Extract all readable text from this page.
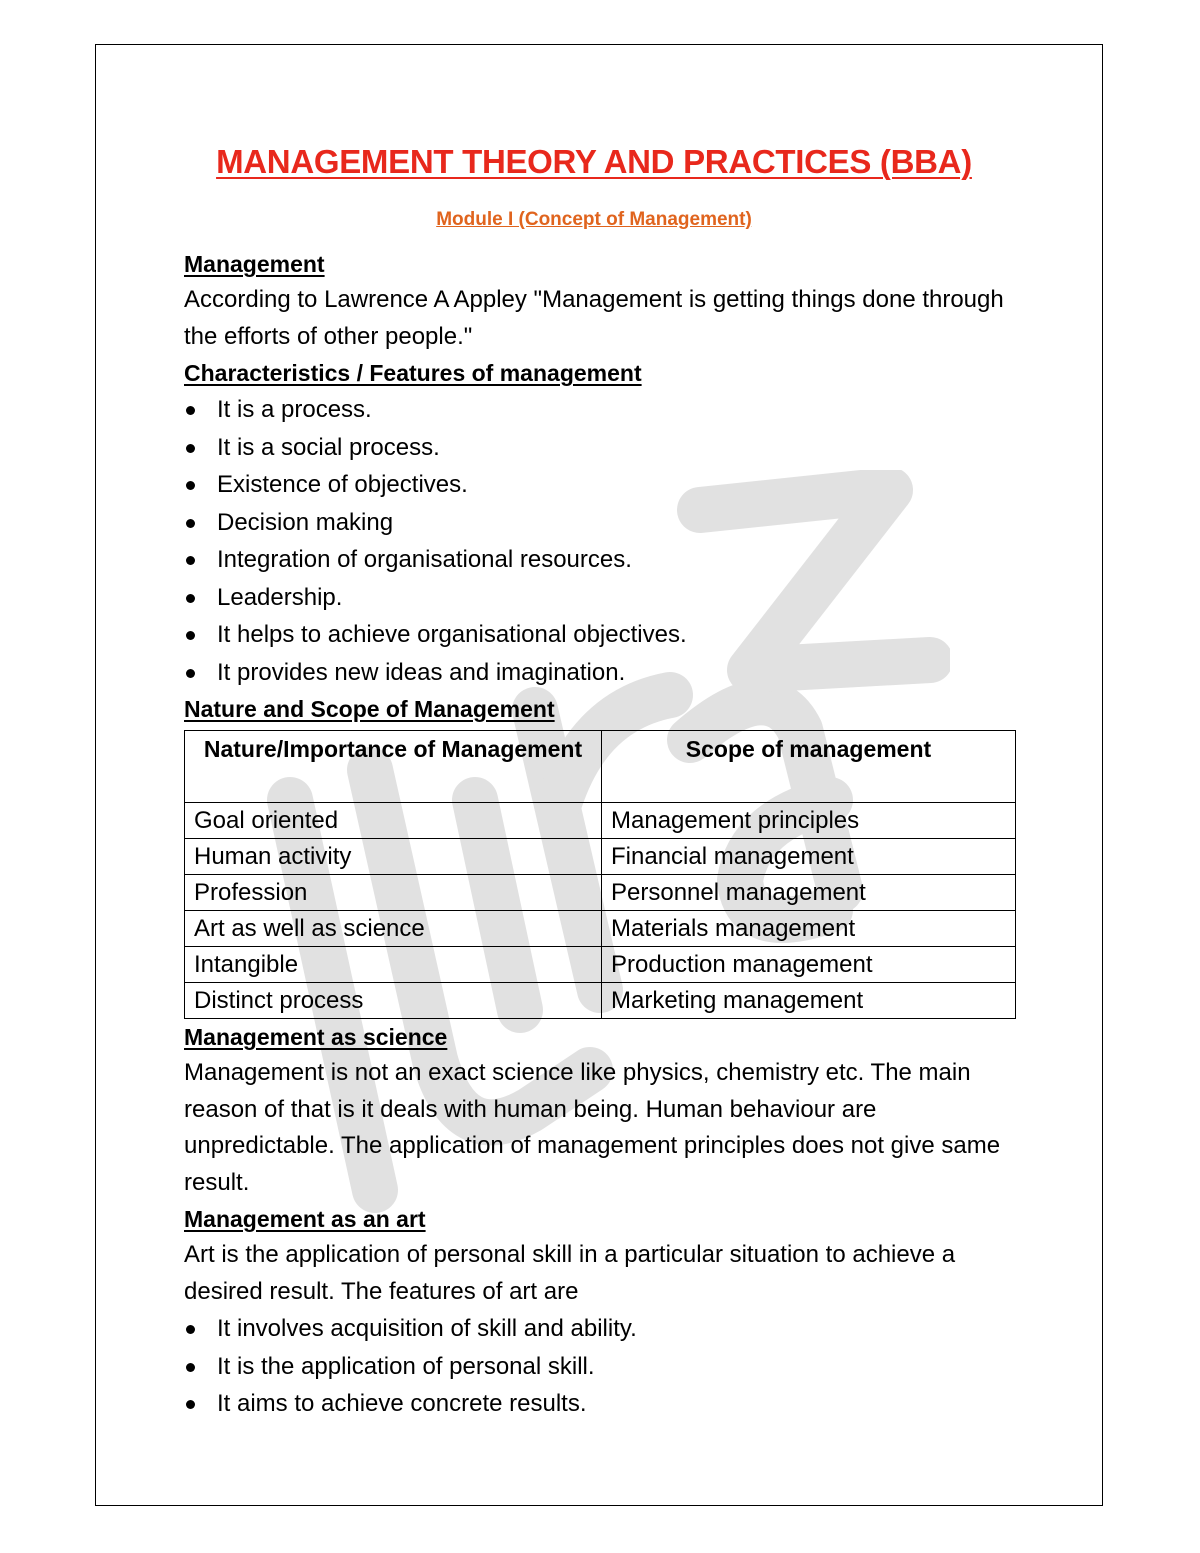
MANAGEMENT THEORY AND PRACTICES (BBA)
Module I (Concept of Management)
Management

According to Lawrence A Appley "Management is getting things done through the efforts of other people."

Characteristics / Features of management
It is a process.
It is a social process.
Existence of objectives.
Decision making
Integration of organisational resources.
Leadership.
It helps to achieve organisational objectives.
It provides new ideas and imagination.
Nature and Scope of Management
Nature/Importance of Management	Scope of management
Goal oriented	Management principles
Human activity	Financial management
Profession	Personnel management
Art as well as science	Materials management
Intangible	Production management
Distinct process	Marketing management
Management as science

Management is not an exact science like physics, chemistry etc. The main reason of that is it deals with human being. Human behaviour are unpredictable. The application of management principles does not give same result.

Management as an art

Art is the application of personal skill in a particular situation to achieve a desired result. The features of art are

It involves acquisition of skill and ability.
It is the application of personal skill.
It aims to achieve concrete results.
